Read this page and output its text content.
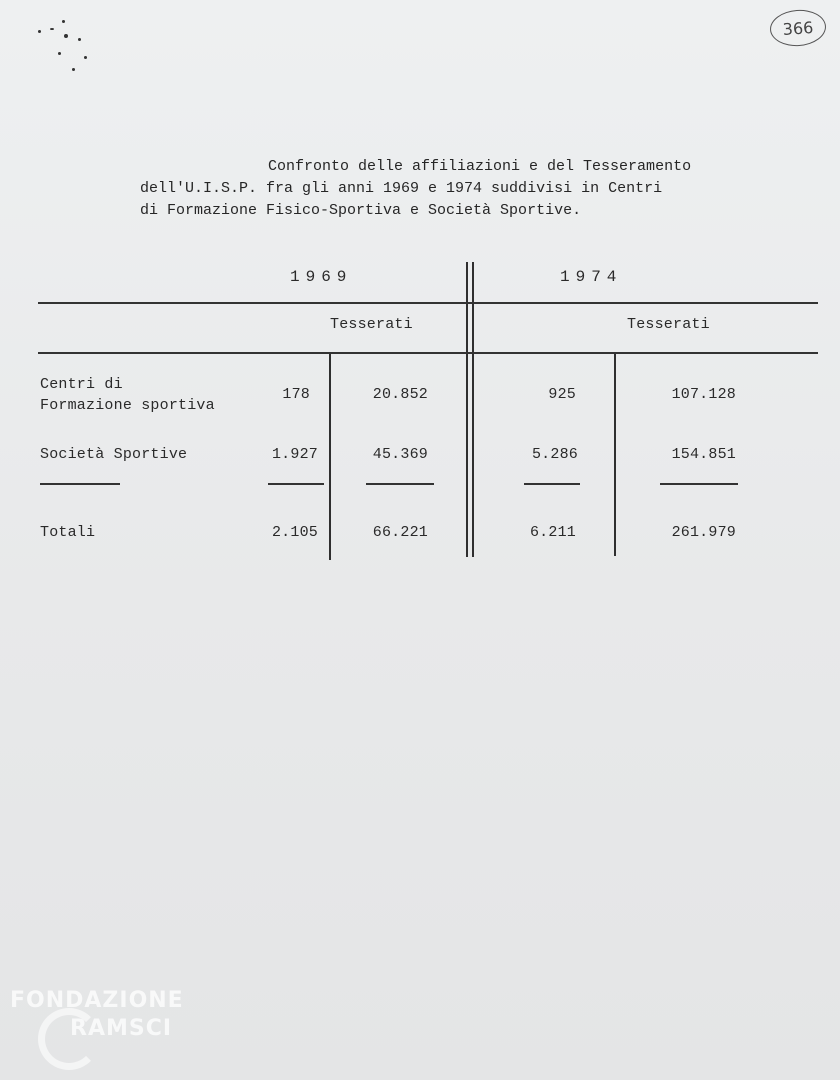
366
Confronto delle affiliazioni e del Tesseramento
dell'U.I.S.P. fra gli anni 1969 e 1974 suddivisi in Centri
di Formazione Fisico-Sportiva e Società Sportive.
1969	1974
Tesserati	Tesserati
Centri di
Formazione sportiva
178	20.852	925	107.128
Società Sportive	1.927	45.369	5.286	154.851
Totali	2.105	66.221	6.211	261.979
FONDAZIONE
RAMSCI
